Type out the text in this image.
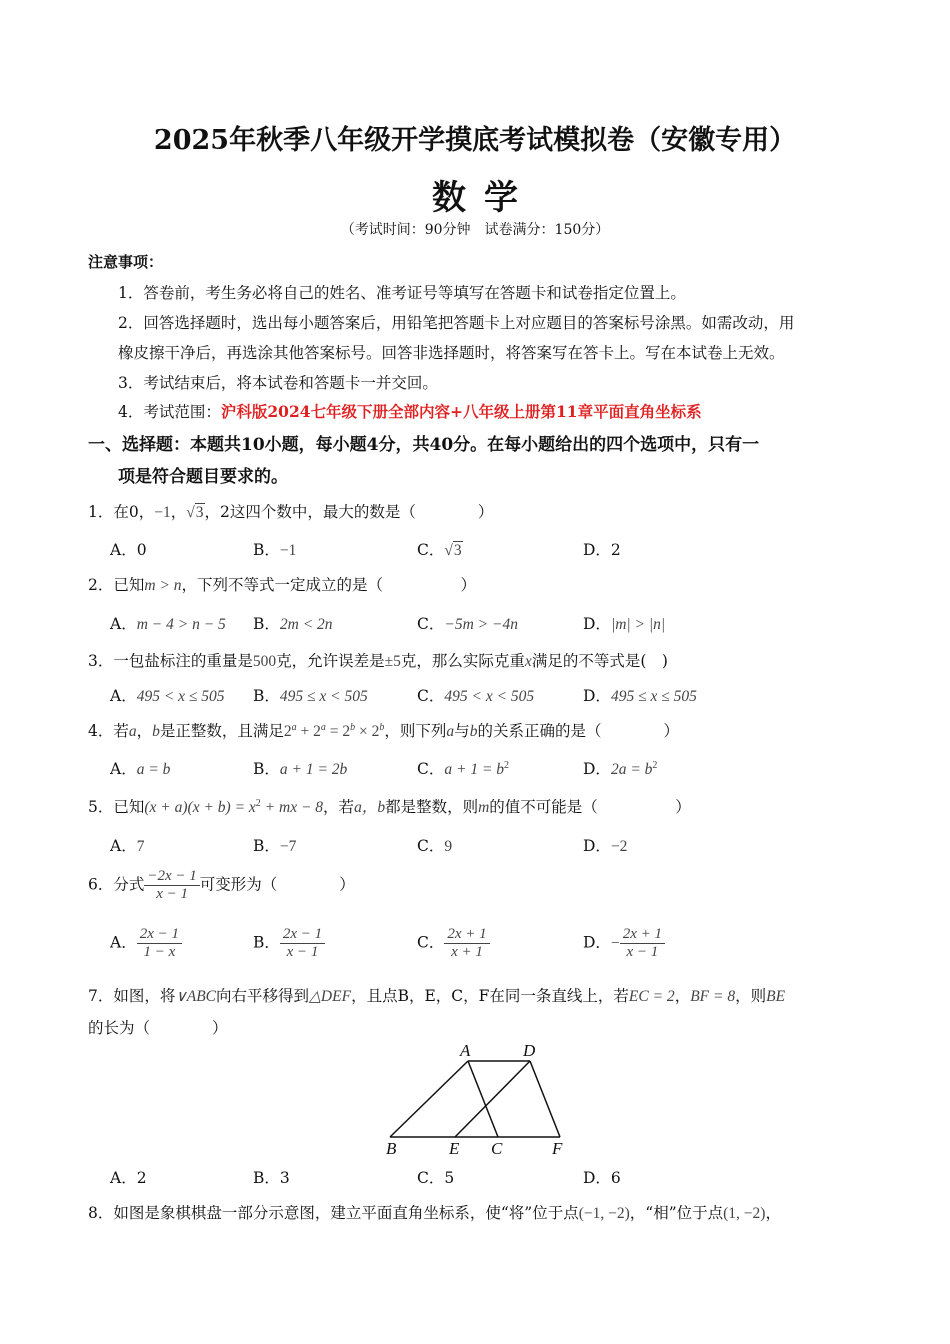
2025年秋季八年级开学摸底考试模拟卷（安徽专用）
数学
（考试时间：90分钟　试卷满分：150分）
注意事项：
1．答卷前，考生务必将自己的姓名、准考证号等填写在答题卡和试卷指定位置上。
2．回答选择题时，选出每小题答案后，用铅笔把答题卡上对应题目的答案标号涂黑。如需改动，用
橡皮擦干净后，再选涂其他答案标号。回答非选择题时，将答案写在答卡上。写在本试卷上无效。
3．考试结束后，将本试卷和答题卡一并交回。
4．考试范围：沪科版2024七年级下册全部内容+八年级上册第11章平面直角坐标系
一、选择题：本题共10小题，每小题4分，共40分。在每小题给出的四个选项中，只有一
项是符合题目要求的。
1．在0，−1，√3，2这四个数中，最大的数是（　　　　）
A．0	B．−1	C．√3	D．2
2．已知m > n，下列不等式一定成立的是（　　　　　）
A．m − 4 > n − 5 B．2m < 2n	C．−5m > −4n	D．|m| > |n|
3．一包盐标注的重量是500克，允许误差是±5克，那么实际克重x满足的不等式是(　)
A．495 < x ≤ 505 B．495 ≤ x < 505	C．495 < x < 505	D．495 ≤ x ≤ 505
4．若a，b是正整数，且满足$2^a + 2^a = 2^b \times 2^b$，则下列a与b的关系正确的是（　　　　）
A．a = b	B．a + 1 = 2b	C．$a + 1 = b^2$	D．$2a = b^2$
5．已知$(x + a)(x + b) = x^2$ + mx − 8，若a，b都是整数，则m的值不可能是（　　　　　）
A．7	B．−7	C．9	D．−2
6．分式 $\frac{-2x - 1}{x - 1}$ 可变形为（　　　　）
A． $\frac{2x - 1}{1 - x}$	B． $\frac{2x - 1}{x - 1}$	C． $\frac{2x + 1}{x + 1}$	D．− $\frac{2x + 1}{x - 1}$
7．如图，将∨ABC向右平移得到△DEF，且点B，E，C，F在同一条直线上，若EC = 2，BF = 8，则BE
的长为（　　　　）
A	D
B	E C	F
A．2	B．3	C．5	D．6
8．如图是象棋棋盘一部分示意图，建立平面直角坐标系，使“将”位于点(−1, −2)，“相”位于点(1, −2)，
